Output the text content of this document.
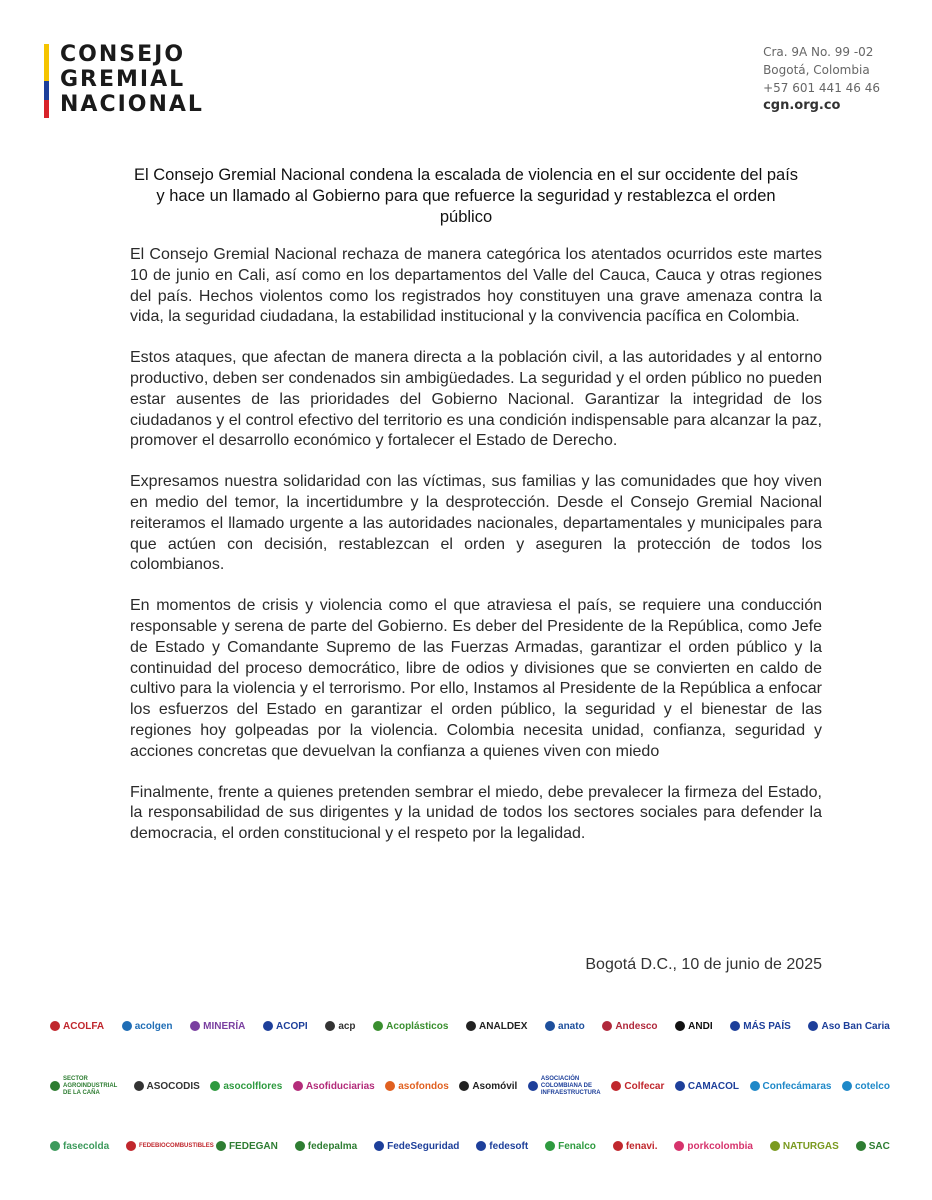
CONSEJO
GREMIAL
NACIONAL
Cra. 9A No. 99 -02
Bogotá, Colombia
+57 601 441 46 46
cgn.org.co
El Consejo Gremial Nacional condena la escalada de violencia en el sur occidente del país y hace un llamado al Gobierno para que refuerce la seguridad y restablezca el orden público

El Consejo Gremial Nacional rechaza de manera categórica los atentados ocurridos este martes 10 de junio en Cali, así como en los departamentos del Valle del Cauca, Cauca y otras regiones del país. Hechos violentos como los registrados hoy constituyen una grave amenaza contra la vida, la seguridad ciudadana, la estabilidad institucional y la convivencia pacífica en Colombia.

Estos ataques, que afectan de manera directa a la población civil, a las autoridades y al entorno productivo, deben ser condenados sin ambigüedades. La seguridad y el orden público no pueden estar ausentes de las prioridades del Gobierno Nacional. Garantizar la integridad de los ciudadanos y el control efectivo del territorio es una condición indispensable para alcanzar la paz, promover el desarrollo económico y fortalecer el Estado de Derecho.

Expresamos nuestra solidaridad con las víctimas, sus familias y las comunidades que hoy viven en medio del temor, la incertidumbre y la desprotección. Desde el Consejo Gremial Nacional reiteramos el llamado urgente a las autoridades nacionales, departamentales y municipales para que actúen con decisión, restablezcan el orden y aseguren la protección de todos los colombianos.

En momentos de crisis y violencia como el que atraviesa el país, se requiere una conducción responsable y serena de parte del Gobierno. Es deber del Presidente de la República, como Jefe de Estado y Comandante Supremo de las Fuerzas Armadas, garantizar el orden público y la continuidad del proceso democrático, libre de odios y divisiones que se convierten en caldo de cultivo para la violencia y el terrorismo. Por ello, Instamos al Presidente de la República a enfocar los esfuerzos del Estado en garantizar el orden público, la seguridad y el bienestar de las regiones hoy golpeadas por la violencia. Colombia necesita unidad, confianza, seguridad y acciones concretas que devuelvan la confianza a quienes viven con miedo

Finalmente, frente a quienes pretenden sembrar el miedo, debe prevalecer la firmeza del Estado, la responsabilidad de sus dirigentes y la unidad de todos los sectores sociales para defender la democracia, el orden constitucional y el respeto por la legalidad.

Bogotá D.C., 10 de junio de 2025
ACOLFA	acolgen	MINERÍA	ACOPI	acp	Acoplásticos	ANALDEX	anato	Andesco	ANDI	MÁS PAÍS	Aso Ban Caria
SECTOR AGROINDUSTRIAL DE LA CAÑA
ASOCODIS asocolflores Asofiduciarias asofondos Asomóvil
ASOCIACIÓN COLOMBIANA DE INFRAESTRUCTURA
Colfecar CAMACOL Confecámaras cotelco
fasecolda	FEDEBIOCOMBUSTIBLES FEDEGAN	fedepalma	FedeSeguridad	fedesoft	Fenalco	fenavi.	porkcolombia	NATURGAS	SAC
